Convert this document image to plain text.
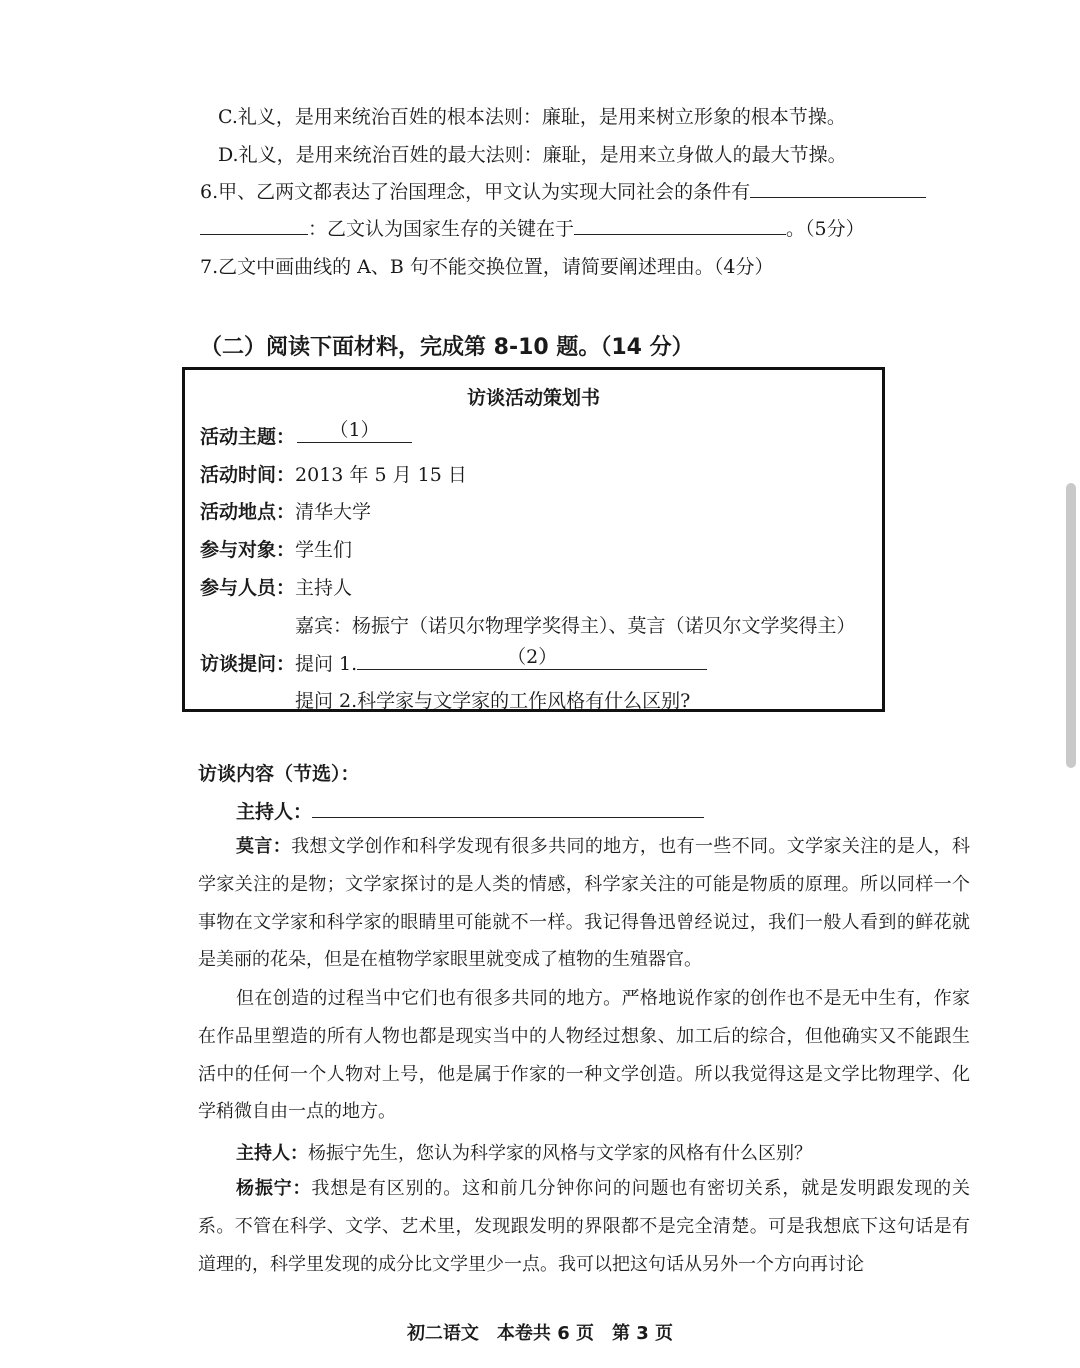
C.礼义，是用来统治百姓的根本法则：廉耻，是用来树立形象的根本节操。
D.礼义，是用来统治百姓的最大法则：廉耻，是用来立身做人的最大节操。
6.甲、乙两文都表达了治国理念，甲文认为实现大同社会的条件有
：乙文认为国家生存的关键在于	。（5分）
7.乙文中画曲线的 A、B 句不能交换位置，请简要阐述理由。（4分）
（二）阅读下面材料，完成第 8-10 题。（14 分）
访谈活动策划书
活动主题：	（1）
活动时间：2013 年 5 月 15 日
活动地点：清华大学
参与对象：学生们
参与人员：主持人
嘉宾：杨振宁（诺贝尔物理学奖得主）、莫言（诺贝尔文学奖得主）
访谈提问：提问 1.	（2）
提问 2.科学家与文学家的工作风格有什么区别?
访谈内容（节选）：
主持人：
莫言：我想文学创作和科学发现有很多共同的地方，也有一些不同。文学家关注的是人，科学家关注的是物；文学家探讨的是人类的情感，科学家关注的可能是物质的原理。所以同样一个事物在文学家和科学家的眼睛里可能就不一样。我记得鲁迅曾经说过，我们一般人看到的鲜花就是美丽的花朵，但是在植物学家眼里就变成了植物的生殖器官。
但在创造的过程当中它们也有很多共同的地方。严格地说作家的创作也不是无中生有，作家在作品里塑造的所有人物也都是现实当中的人物经过想象、加工后的综合，但他确实又不能跟生活中的任何一个人物对上号，他是属于作家的一种文学创造。所以我觉得这是文学比物理学、化学稍微自由一点的地方。
主持人：杨振宁先生，您认为科学家的风格与文学家的风格有什么区别？
杨振宁：我想是有区别的。这和前几分钟你问的问题也有密切关系，就是发明跟发现的关系。不管在科学、文学、艺术里，发现跟发明的界限都不是完全清楚。可是我想底下这句话是有道理的，科学里发现的成分比文学里少一点。我可以把这句话从另外一个方向再讨论
初二语文　本卷共 6 页　第 3 页
